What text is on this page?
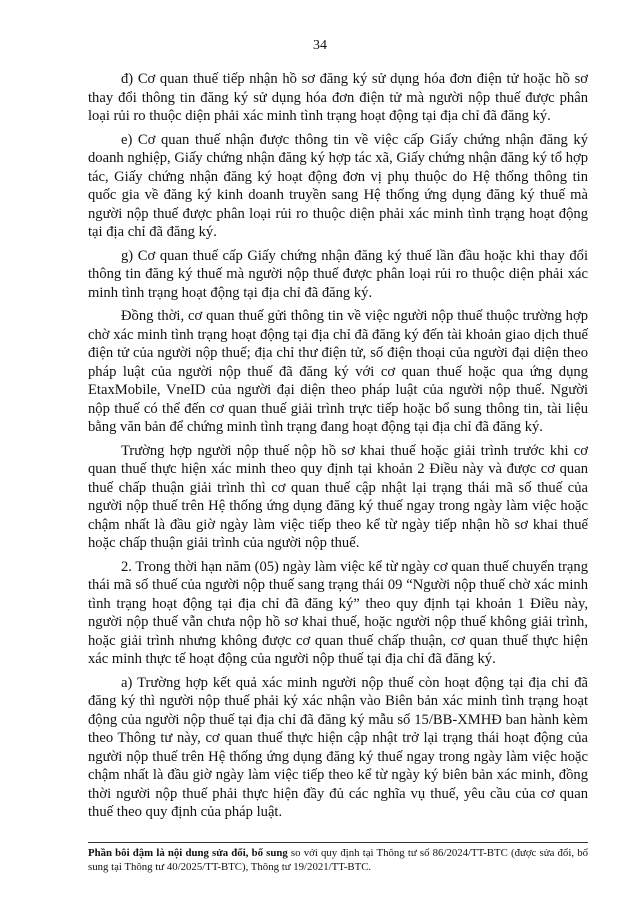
34

đ) Cơ quan thuế tiếp nhận hồ sơ đăng ký sử dụng hóa đơn điện tử hoặc hồ sơ thay đổi thông tin đăng ký sử dụng hóa đơn điện tử mà người nộp thuế được phân loại rủi ro thuộc diện phải xác minh tình trạng hoạt động tại địa chỉ đã đăng ký.

e) Cơ quan thuế nhận được thông tin về việc cấp Giấy chứng nhận đăng ký doanh nghiệp, Giấy chứng nhận đăng ký hợp tác xã, Giấy chứng nhận đăng ký tổ hợp tác, Giấy chứng nhận đăng ký hoạt động đơn vị phụ thuộc do Hệ thống thông tin quốc gia về đăng ký kinh doanh truyền sang Hệ thống ứng dụng đăng ký thuế mà người nộp thuế được phân loại rủi ro thuộc diện phải xác minh tình trạng hoạt động tại địa chỉ đã đăng ký.

g) Cơ quan thuế cấp Giấy chứng nhận đăng ký thuế lần đầu hoặc khi thay đổi thông tin đăng ký thuế mà người nộp thuế được phân loại rủi ro thuộc diện phải xác minh tình trạng hoạt động tại địa chỉ đã đăng ký.

Đồng thời, cơ quan thuế gửi thông tin về việc người nộp thuế thuộc trường hợp chờ xác minh tình trạng hoạt động tại địa chỉ đã đăng ký đến tài khoản giao dịch thuế điện tử của người nộp thuế; địa chỉ thư điện tử, số điện thoại của người đại diện theo pháp luật của người nộp thuế đã đăng ký với cơ quan thuế hoặc qua ứng dụng EtaxMobile, VneID của người đại diện theo pháp luật của người nộp thuế. Người nộp thuế có thể đến cơ quan thuế giải trình trực tiếp hoặc bổ sung thông tin, tài liệu bằng văn bản để chứng minh tình trạng đang hoạt động tại địa chỉ đã đăng ký.

Trường hợp người nộp thuế nộp hồ sơ khai thuế hoặc giải trình trước khi cơ quan thuế thực hiện xác minh theo quy định tại khoản 2 Điều này và được cơ quan thuế chấp thuận giải trình thì cơ quan thuế cập nhật lại trạng thái mã số thuế của người nộp thuế trên Hệ thống ứng dụng đăng ký thuế ngay trong ngày làm việc hoặc chậm nhất là đầu giờ ngày làm việc tiếp theo kể từ ngày tiếp nhận hồ sơ khai thuế hoặc chấp thuận giải trình của người nộp thuế.

2. Trong thời hạn năm (05) ngày làm việc kể từ ngày cơ quan thuế chuyển trạng thái mã số thuế của người nộp thuế sang trạng thái 09 “Người nộp thuế chờ xác minh tình trạng hoạt động tại địa chỉ đã đăng ký” theo quy định tại khoản 1 Điều này, người nộp thuế vẫn chưa nộp hồ sơ khai thuế, hoặc người nộp thuế không giải trình, hoặc giải trình nhưng không được cơ quan thuế chấp thuận, cơ quan thuế thực hiện xác minh thực tế hoạt động của người nộp thuế tại địa chỉ đã đăng ký.

a) Trường hợp kết quả xác minh người nộp thuế còn hoạt động tại địa chỉ đã đăng ký thì người nộp thuế phải ký xác nhận vào Biên bản xác minh tình trạng hoạt động của người nộp thuế tại địa chỉ đã đăng ký mẫu số 15/BB-XMHĐ ban hành kèm theo Thông tư này, cơ quan thuế thực hiện cập nhật trở lại trạng thái hoạt động của người nộp thuế trên Hệ thống ứng dụng đăng ký thuế ngay trong ngày làm việc hoặc chậm nhất là đầu giờ ngày làm việc tiếp theo kể từ ngày ký biên bản xác minh, đồng thời người nộp thuế phải thực hiện đầy đủ các nghĩa vụ thuế, yêu cầu của cơ quan thuế theo quy định của pháp luật.

Phần bôi đậm là nội dung sửa đổi, bổ sung so với quy định tại Thông tư số 86/2024/TT-BTC (được sửa đổi, bổ sung tại Thông tư 40/2025/TT-BTC), Thông tư 19/2021/TT-BTC.
